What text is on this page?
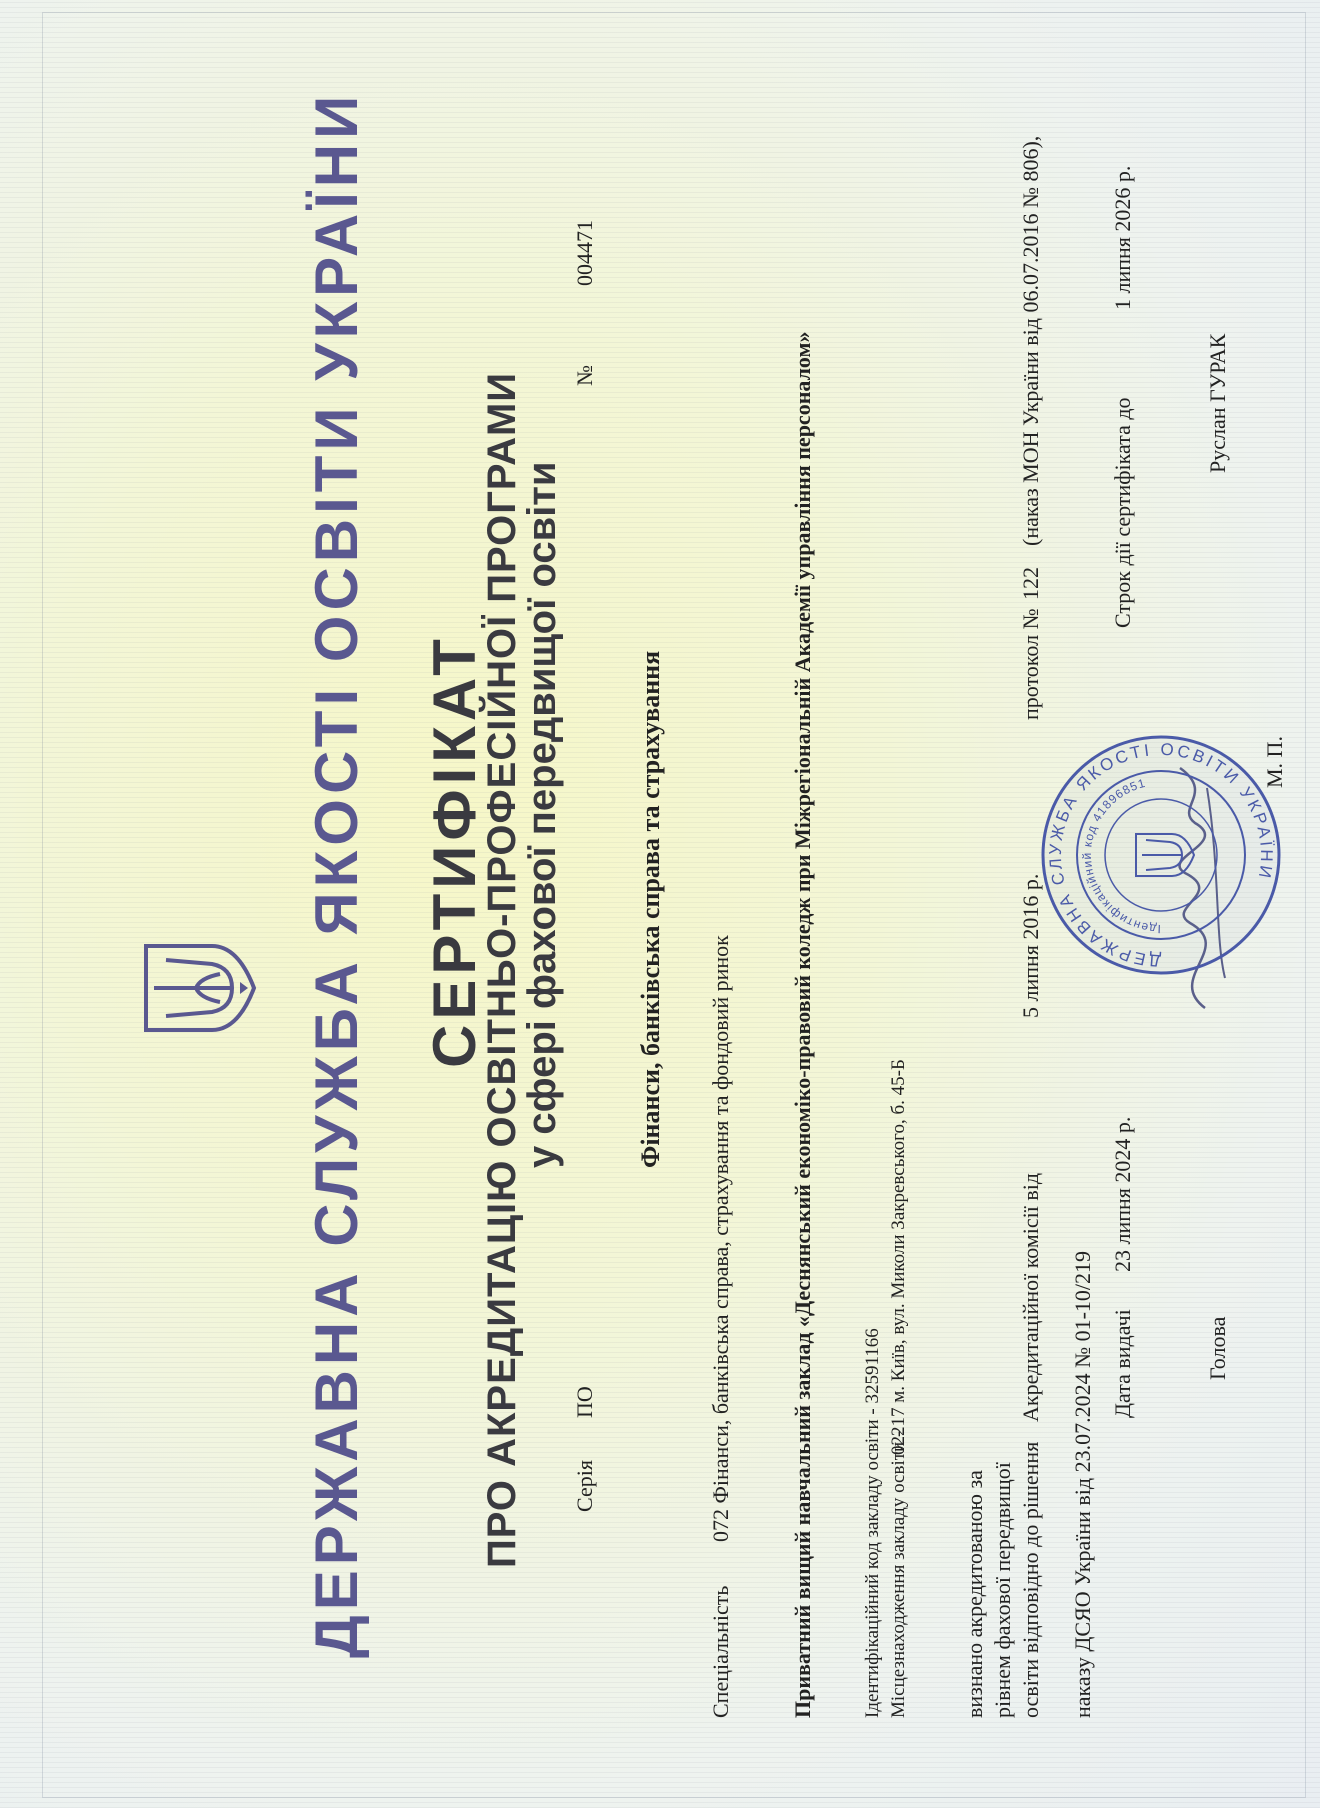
ДЕРЖАВНА СЛУЖБА ЯКОСТІ ОСВІТИ УКРАЇНИ СЕРТИФІКАТ
ПРО АКРЕДИТАЦІЮ ОСВІТНЬО-ПРОФЕСІЙНОЇ ПРОГРАМИ
у сфері фахової передвищої освіти
Серія
ПО
№
004471
Фінанси, банківська справа та страхування
Спеціальність
072 Фінанси, банківська справа, страхування та фондовий ринок	Приватний вищий навчальний заклад «Деснянський економіко-правовий коледж при Міжрегіональній Академії управління персоналом» Ідентифікаційний код закладу освіти - 32591166 Місцезнаходження закладу освіти -
02217 м. Київ, вул. Миколи Закревського, б. 45-Б
визнано акредитованою за рівнем фахової передвищої освіти відповідно до рішення
Акредитаційної комісії від
5 липня 2016 р.
протокол №
122
(наказ МОН України від 06.07.2016 № 806),
наказу ДСЯО України від 23.07.2024 № 01-10/219 Дата видачі
23 липня 2024 р.
Строк дії сертифіката до
1 липня 2026 р.
Голова
Руслан ГУРАК
М. П.
ДЕРЖАВНА СЛУЖБА ЯКОСТІ ОСВІТИ УКРАЇНИ
Ідентифікаційний код 41896851
